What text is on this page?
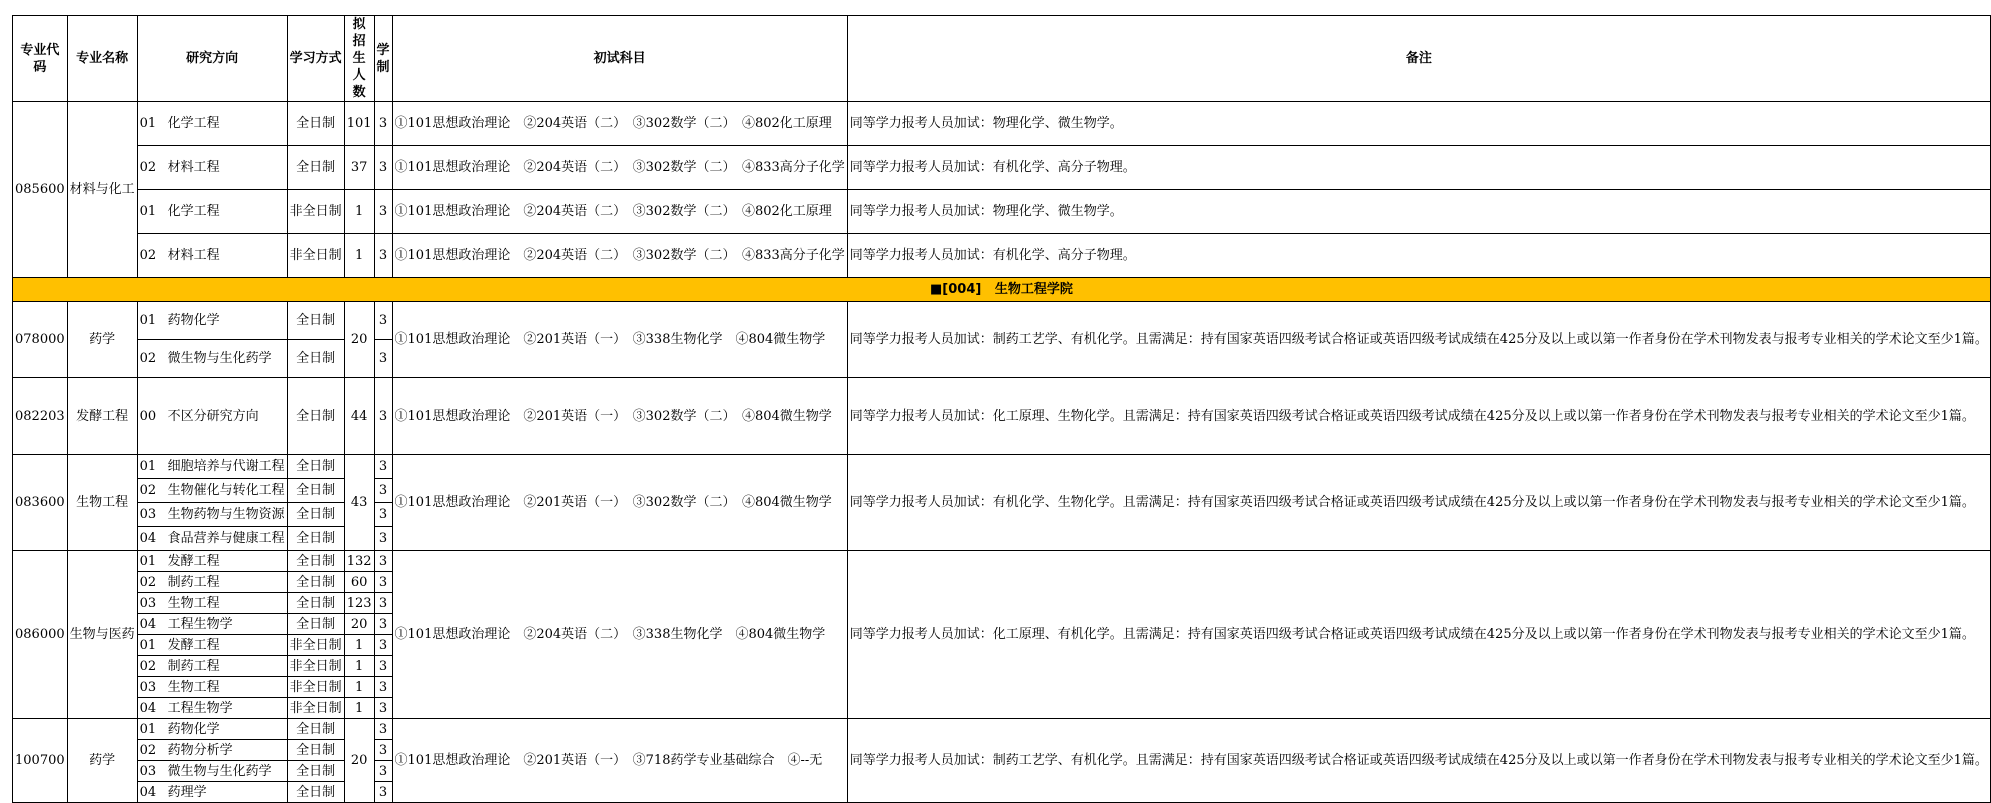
专业代码	专业名称	研究方向	学习方式	拟招生人数	学制	初试科目	备注
085600	材料与化工	01 化学工程	全日制	101	3	①101思想政治理论　②204英语（二）　③302数学（二）　④802化工原理	同等学力报考人员加试：物理化学、微生物学。
		02 材料工程	全日制	37	3	①101思想政治理论　②204英语（二）　③302数学（二）　④833高分子化学	同等学力报考人员加试：有机化学、高分子物理。
		01 化学工程	非全日制	1	3	①101思想政治理论　②204英语（二）　③302数学（二）　④802化工原理	同等学力报考人员加试：物理化学、微生物学。
		02 材料工程	非全日制	1	3	①101思想政治理论　②204英语（二）　③302数学（二）　④833高分子化学	同等学力报考人员加试：有机化学、高分子物理。
■[004] 生物工程学院							
078000	药学	01 药物化学	全日制	20	3	①101思想政治理论　②201英语（一）　③338生物化学　④804微生物学	同等学力报考人员加试：制药工艺学、有机化学。且需满足：持有国家英语四级考试合格证或英语四级考试成绩在425分及以上或以第一作者身份在学术刊物发表与报考专业相关的学术论文至少1篇。
		02 微生物与生化药学	全日制		3		
082203	发酵工程	00 不区分研究方向	全日制	44	3	①101思想政治理论　②201英语（一）　③302数学（二）　④804微生物学	同等学力报考人员加试：化工原理、生物化学。且需满足：持有国家英语四级考试合格证或英语四级考试成绩在425分及以上或以第一作者身份在学术刊物发表与报考专业相关的学术论文至少1篇。
083600	生物工程	01 细胞培养与代谢工程	全日制	43	3	①101思想政治理论　②201英语（一）　③302数学（二）　④804微生物学	同等学力报考人员加试：有机化学、生物化学。且需满足：持有国家英语四级考试合格证或英语四级考试成绩在425分及以上或以第一作者身份在学术刊物发表与报考专业相关的学术论文至少1篇。
		02 生物催化与转化工程	全日制		3		
		03 生物药物与生物资源	全日制		3		
		04 食品营养与健康工程	全日制		3		
086000	生物与医药	01 发酵工程	全日制	132	3	①101思想政治理论　②204英语（二）　③338生物化学　④804微生物学	同等学力报考人员加试：化工原理、有机化学。且需满足：持有国家英语四级考试合格证或英语四级考试成绩在425分及以上或以第一作者身份在学术刊物发表与报考专业相关的学术论文至少1篇。
		02 制药工程	全日制	60	3		
		03 生物工程	全日制	123	3		
		04 工程生物学	全日制	20	3		
		01 发酵工程	非全日制	1	3		
		02 制药工程	非全日制	1	3		
		03 生物工程	非全日制	1	3		
		04 工程生物学	非全日制	1	3		
100700	药学	01 药物化学	全日制	20	3	①101思想政治理论　②201英语（一）　③718药学专业基础综合　④--无	同等学力报考人员加试：制药工艺学、有机化学。且需满足：持有国家英语四级考试合格证或英语四级考试成绩在425分及以上或以第一作者身份在学术刊物发表与报考专业相关的学术论文至少1篇。
		02 药物分析学	全日制		3		
		03 微生物与生化药学	全日制		3		
		04 药理学	全日制		3		
